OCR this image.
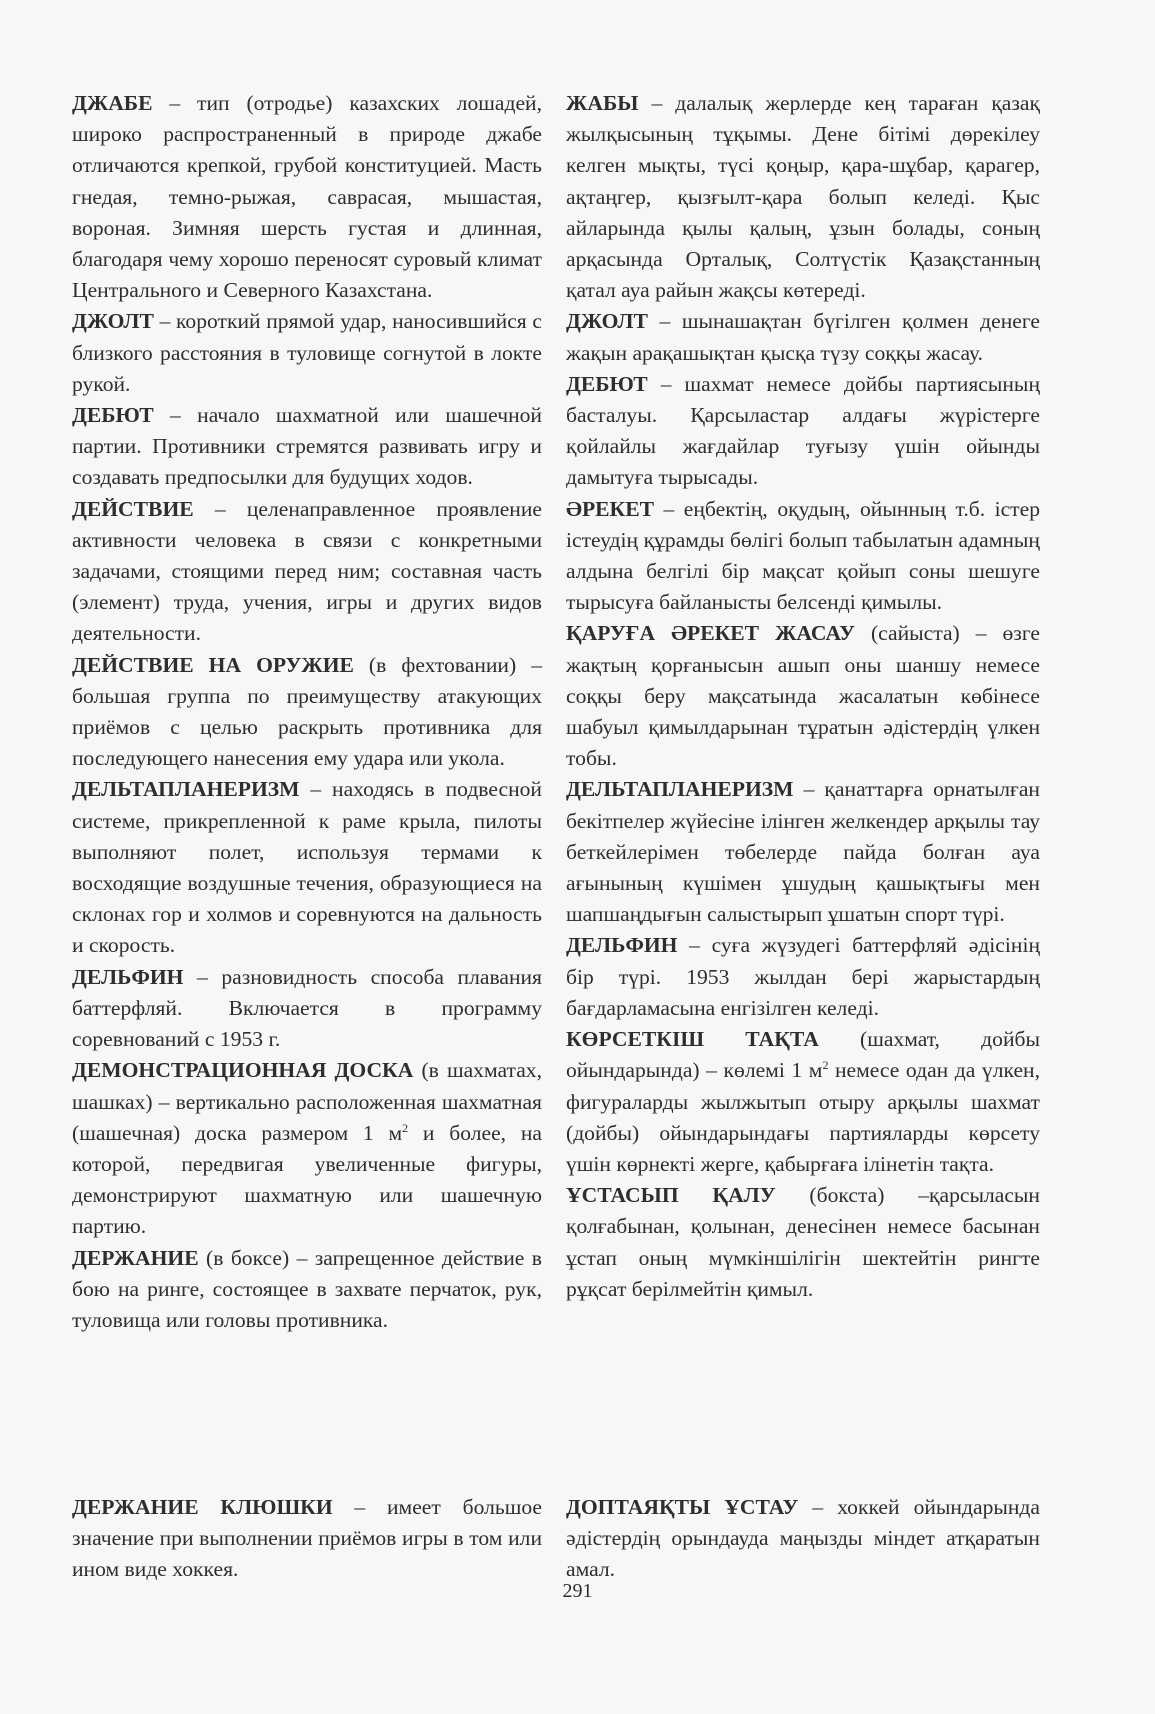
ДЖАБЕ – тип (отродье) казахских лошадей, широко распространенный в природе джабе отличаются крепкой, грубой конституцией. Масть гнедая, темно-рыжая, саврасая, мышастая, вороная. Зимняя шерсть густая и длинная, благодаря чему хорошо переносят суровый климат Центрального и Северного Казахстана.

ДЖОЛТ – короткий прямой удар, наносившийся с близкого расстояния в туловище согнутой в локте рукой.

ДЕБЮТ – начало шахматной или шашечной партии. Противники стремятся развивать игру и создавать предпосылки для будущих ходов.

ДЕЙСТВИЕ – целенаправленное проявление активности человека в связи с конкретными задачами, стоящими перед ним; составная часть (элемент) труда, учения, игры и других видов деятельности.

ДЕЙСТВИЕ НА ОРУЖИЕ (в фехтовании) – большая группа по преимуществу атакующих приёмов с целью раскрыть противника для последующего нанесения ему удара или укола.

ДЕЛЬТАПЛАНЕРИЗМ – находясь в подвесной системе, прикрепленной к раме крыла, пилоты выполняют полет, используя термами к восходящие воздушные течения, образующиеся на склонах гор и холмов и соревнуются на дальность и скорость.

ДЕЛЬФИН – разновидность способа плавания баттерфляй. Включается в программу соревнований с 1953 г.

ДЕМОНСТРАЦИОННАЯ ДОСКА (в шахматах, шашках) – вертикально расположенная шахматная (шашечная) доска размером 1 $м^2$ и более, на которой, передвигая увеличенные фигуры, демонстрируют шахматную или шашечную партию.

ДЕРЖАНИЕ (в боксе) – запрещенное действие в бою на ринге, состоящее в захвате перчаток, рук, туловища или головы противника.

ЖАБЫ – далалық жерлерде кең тараған қазақ жылқысының тұқымы. Дене бітімі дөрекілеу келген мықты, түсі қоңыр, қара-шұбар, қарагер, ақтаңгер, қызғылт-қара болып келеді. Қыс айларында қылы қалың, ұзын болады, соның арқасында Орталық, Солтүстік Қазақстанның қатал ауа райын жақсы көтереді.

ДЖОЛТ – шынашақтан бүгілген қолмен денеге жақын арақашықтан қысқа түзу соққы жасау.

ДЕБЮТ – шахмат немесе дойбы партиясының басталуы. Қарсыластар алдағы жүрістерге қойлайлы жағдайлар туғызу үшін ойынды дамытуға тырысады.

ӘРЕКЕТ – еңбектің, оқудың, ойынның т.б. істер істеудің құрамды бөлігі болып табылатын адамның алдына белгілі бір мақсат қойып соны шешуге тырысуға байланысты белсенді қимылы.

ҚАРУҒА ӘРЕКЕТ ЖАСАУ (сайыста) – өзге жақтың қорғанысын ашып оны шаншу немесе соққы беру мақсатында жасалатын көбінесе шабуыл қимылдарынан тұратын әдістердің үлкен тобы.

ДЕЛЬТАПЛАНЕРИЗМ – қанаттарға орнатылған бекітпелер жүйесіне ілінген желкендер арқылы тау беткейлерімен төбелерде пайда болған ауа ағынының күшімен ұшудың қашықтығы мен шапшаңдығын салыстырып ұшатын спорт түрі.

ДЕЛЬФИН – суға жүзудегі баттерфляй әдісінің бір түрі. 1953 жылдан бері жарыстардың бағдарламасына енгізілген келеді.

КӨРСЕТКІШ ТАҚТА (шахмат, дойбы ойындарында) – көлемі 1 $м^2$ немесе одан да үлкен, фигураларды жылжытып отыру арқылы шахмат (дойбы) ойындарындағы партияларды көрсету үшін көрнекті жерге, қабырғаға ілінетін тақта.

ҰСТАСЫП ҚАЛУ (бокста) –қарсыласын қолғабынан, қолынан, денесінен немесе басынан ұстап оның мүмкіншілігін шектейтін рингте рұқсат берілмейтін қимыл.

ДЕРЖАНИЕ КЛЮШКИ – имеет большое значение при выполнении приёмов игры в том или ином виде хоккея.

ДОПТАЯҚТЫ ҰСТАУ – хоккей ойындарында әдістердің орындауда маңызды міндет атқаратын амал.

291
